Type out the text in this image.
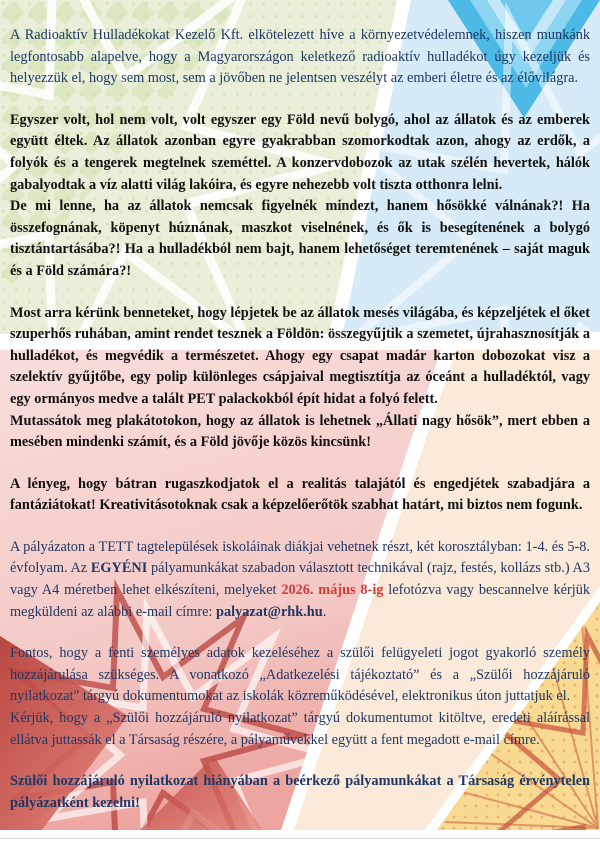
A Radioaktív Hulladékokat Kezelő Kft. elkötelezett híve a környezetvédelemnek, hiszen munkánk legfontosabb alapelve, hogy a Magyarországon keletkező radioaktív hulladékot úgy kezeljük és helyezzük el, hogy sem most, sem a jövőben ne jelentsen veszélyt az emberi életre és az élővilágra.

Egyszer volt, hol nem volt, volt egyszer egy Föld nevű bolygó, ahol az állatok és az emberek együtt éltek. Az állatok azonban egyre gyakrabban szomorkodtak azon, ahogy az erdők, a folyók és a tengerek megtelnek szeméttel. A konzervdobozok az utak szélén hevertek, hálók gabalyodtak a víz alatti világ lakóira, és egyre nehezebb volt tiszta otthonra lelni.

De mi lenne, ha az állatok nemcsak figyelnék mindezt, hanem hősökké válnának?! Ha összefognának, köpenyt húznának, maszkot viselnének, és ők is besegítenének a bolygó tisztántartásába?! Ha a hulladékból nem bajt, hanem lehetőséget teremtenének – saját maguk és a Föld számára?!

Most arra kérünk benneteket, hogy lépjetek be az állatok mesés világába, és képzeljétek el őket szuperhős ruhában, amint rendet tesznek a Földön: összegyűjtik a szemetet, újrahasznosítják a hulladékot, és megvédik a természetet. Ahogy egy csapat madár karton dobozokat visz a szelektív gyűjtőbe, egy polip különleges csápjaival megtisztítja az óceánt a hulladéktól, vagy egy ormányos medve a talált PET palackokból épít hidat a folyó felett.

Mutassátok meg plakátotokon, hogy az állatok is lehetnek „Állati nagy hősök”, mert ebben a mesében mindenki számít, és a Föld jövője közös kincsünk!

A lényeg, hogy bátran rugaszkodjatok el a realitás talajától és engedjétek szabadjára a fantáziátokat! Kreativitásotoknak csak a képzelőerőtök szabhat határt, mi biztos nem fogunk.

A pályázaton a TETT tagtelepülések iskoláinak diákjai vehetnek részt, két korosztályban: 1-4. és 5-8. évfolyam. Az EGYÉNI pályamunkákat szabadon választott technikával (rajz, festés, kollázs stb.) A3 vagy A4 méretben lehet elkészíteni, melyeket 2026. május 8-ig lefotózva vagy bescannelve kérjük megküldeni az alábbi e-mail címre: palyazat@rhk.hu.

Fontos, hogy a fenti személyes adatok kezeléséhez a szülői felügyeleti jogot gyakorló személy hozzájárulása szükséges. A vonatkozó „Adatkezelési tájékoztató” és a „Szülői hozzájáruló nyilatkozat" tárgyú dokumentumokat az iskolák közreműködésével, elektronikus úton juttatjuk el.

Kérjük, hogy a „Szülői hozzájáruló nyilatkozat” tárgyú dokumentumot kitöltve, eredeti aláírással ellátva juttassák el a Társaság részére, a pályaművekkel együtt a fent megadott e-mail címre.

Szülői hozzájáruló nyilatkozat hiányában a beérkező pályamunkákat a Társaság érvénytelen pályázatként kezelni!
